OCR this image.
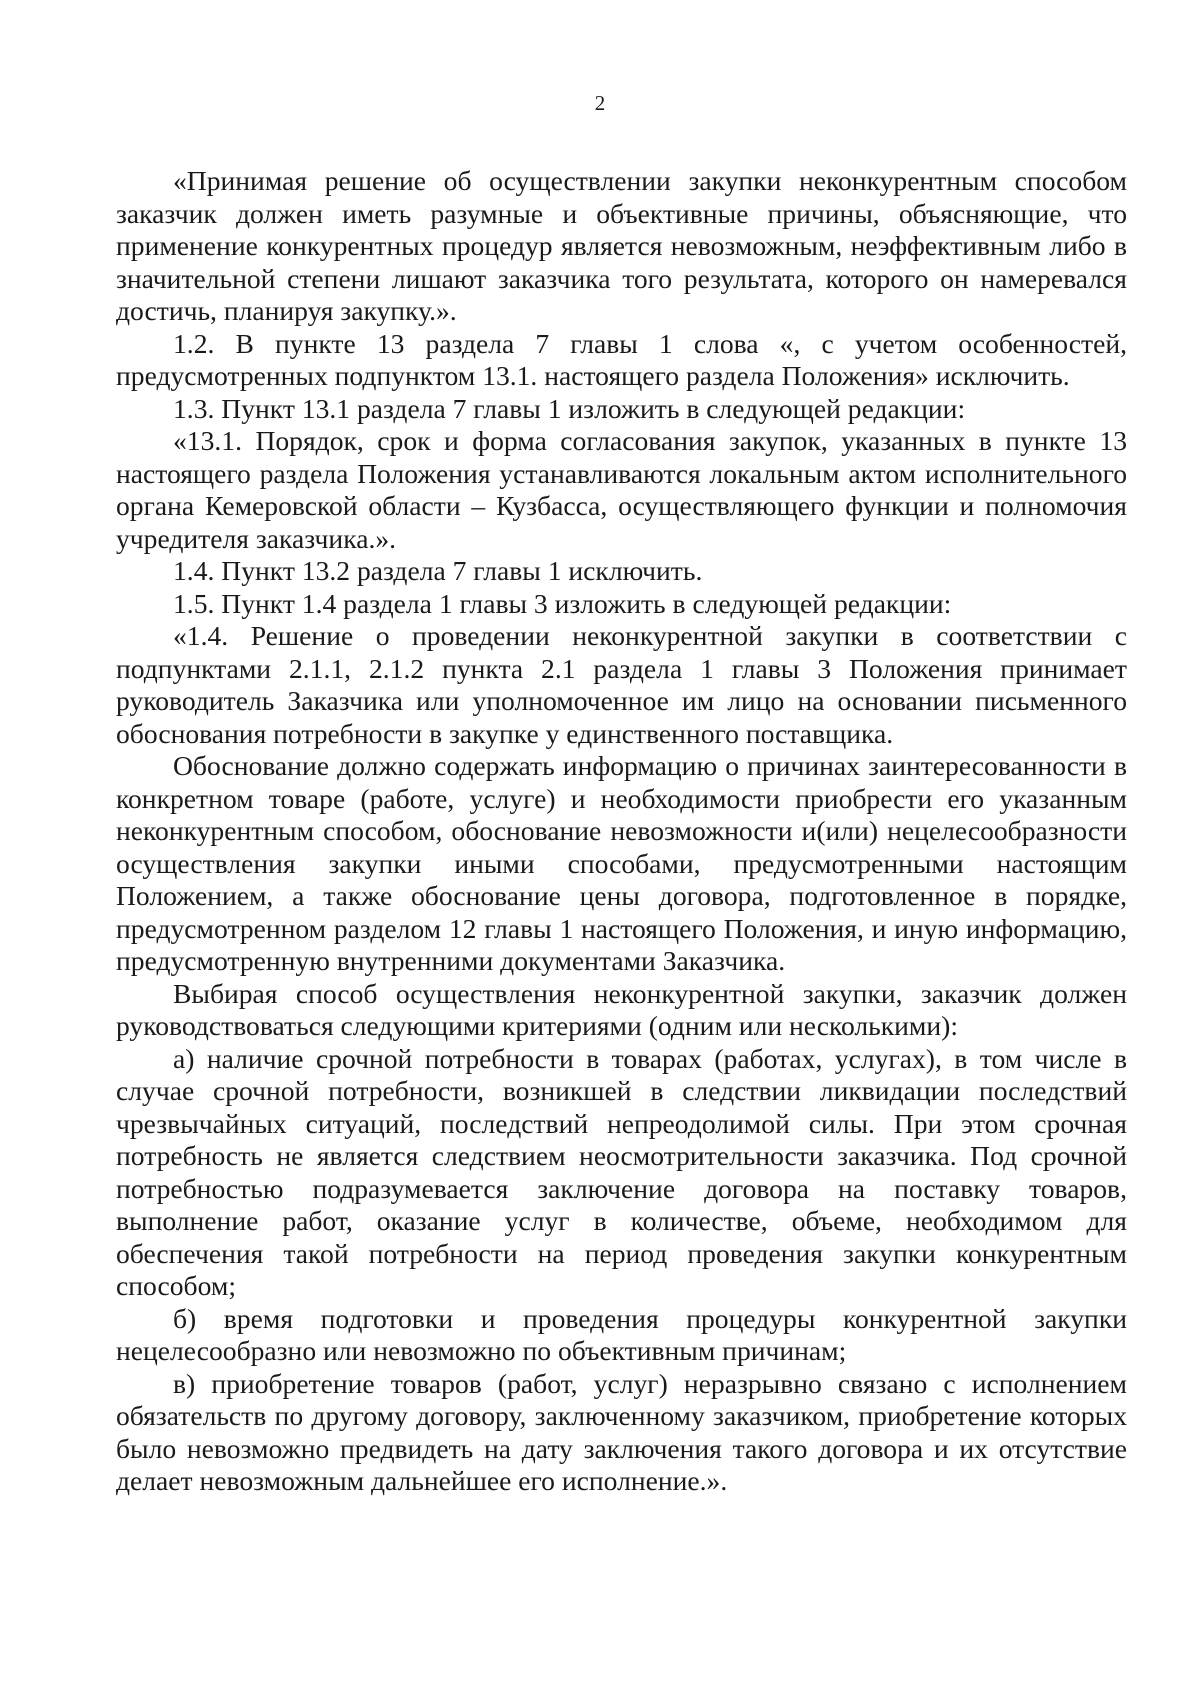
2

«Принимая решение об осуществлении закупки неконкурентным способом заказчик должен иметь разумные и объективные причины, объясняющие, что применение конкурентных процедур является невозможным, неэффективным либо в значительной степени лишают заказчика того результата, которого он намеревался достичь, планируя закупку.».

1.2. В пункте 13 раздела 7 главы 1 слова «, с учетом особенностей, предусмотренных подпунктом 13.1. настоящего раздела Положения» исключить.

1.3. Пункт 13.1 раздела 7 главы 1 изложить в следующей редакции:

«13.1. Порядок, срок и форма согласования закупок, указанных в пункте 13 настоящего раздела Положения устанавливаются локальным актом исполнительного органа Кемеровской области – Кузбасса, осуществляющего функции и полномочия учредителя заказчика.».

1.4. Пункт 13.2 раздела 7 главы 1 исключить.

1.5. Пункт 1.4 раздела 1 главы 3 изложить в следующей редакции:

«1.4. Решение о проведении неконкурентной закупки в соответствии с подпунктами 2.1.1, 2.1.2 пункта 2.1 раздела 1 главы 3 Положения принимает руководитель Заказчика или уполномоченное им лицо на основании письменного обоснования потребности в закупке у единственного поставщика.

Обоснование должно содержать информацию о причинах заинтересованности в конкретном товаре (работе, услуге) и необходимости приобрести его указанным неконкурентным способом, обоснование невозможности и(или) нецелесообразности осуществления закупки иными способами, предусмотренными настоящим Положением, а также обоснование цены договора, подготовленное в порядке, предусмотренном разделом 12 главы 1 настоящего Положения, и иную информацию, предусмотренную внутренними документами Заказчика.

Выбирая способ осуществления неконкурентной закупки, заказчик должен руководствоваться следующими критериями (одним или несколькими):

а) наличие срочной потребности в товарах (работах, услугах), в том числе в случае срочной потребности, возникшей в следствии ликвидации последствий чрезвычайных ситуаций, последствий непреодолимой силы. При этом срочная потребность не является следствием неосмотрительности заказчика. Под срочной потребностью подразумевается заключение договора на поставку товаров, выполнение работ, оказание услуг в количестве, объеме, необходимом для обеспечения такой потребности на период проведения закупки конкурентным способом;

б) время подготовки и проведения процедуры конкурентной закупки нецелесообразно или невозможно по объективным причинам;

в) приобретение товаров (работ, услуг) неразрывно связано с исполнением обязательств по другому договору, заключенному заказчиком, приобретение которых было невозможно предвидеть на дату заключения такого договора и их отсутствие делает невозможным дальнейшее его исполнение.».
